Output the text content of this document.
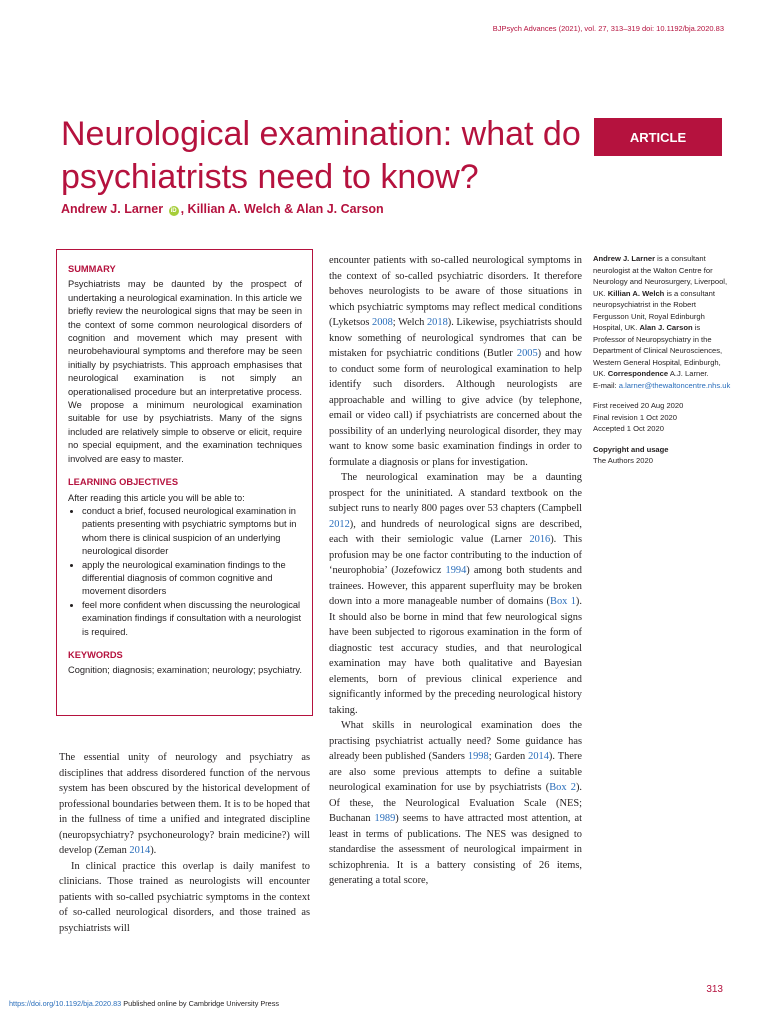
BJPsych Advances (2021), vol. 27, 313–319 doi: 10.1192/bja.2020.83
Neurological examination: what do psychiatrists need to know?
ARTICLE
Andrew J. Larner iD , Killian A. Welch & Alan J. Carson
SUMMARY

Psychiatrists may be daunted by the prospect of undertaking a neurological examination. In this article we briefly review the neurological signs that may be seen in the context of some common neurological disorders of cognition and movement which may present with neurobehavioural symptoms and therefore may be seen initially by psychiatrists. This approach emphasises that neurological examination is not simply an operationalised procedure but an interpretative process. We propose a minimum neurological examination suitable for use by psychiatrists. Many of the signs included are relatively simple to observe or elicit, require no special equipment, and the examination techniques involved are easy to master.

LEARNING OBJECTIVES

After reading this article you will be able to:

• conduct a brief, focused neurological examination in patients presenting with psychiatric symptoms but in whom there is clinical suspicion of an underlying neurological disorder
• apply the neurological examination findings to the differential diagnosis of common cognitive and movement disorders
• feel more confident when discussing the neurological examination findings if consultation with a neurologist is required.
KEYWORDS

Cognition; diagnosis; examination; neurology; psychiatry.

The essential unity of neurology and psychiatry as disciplines that address disordered function of the nervous system has been obscured by the historical development of professional boundaries between them. It is to be hoped that in the fullness of time a unified and integrated discipline (neuropsychiatry? psychoneurology? brain medicine?) will develop (Zeman 2014).

In clinical practice this overlap is daily manifest to clinicians. Those trained as neurologists will encounter patients with so-called psychiatric symptoms in the context of so-called neurological disorders, and those trained as psychiatrists will

encounter patients with so-called neurological symptoms in the context of so-called psychiatric disorders. It therefore behoves neurologists to be aware of those situations in which psychiatric symptoms may reflect medical conditions (Lyketsos 2008; Welch 2018). Likewise, psychiatrists should know something of neurological syndromes that can be mistaken for psychiatric conditions (Butler 2005) and how to conduct some form of neurological examination to help identify such disorders. Although neurologists are approachable and willing to give advice (by telephone, email or video call) if psychiatrists are concerned about the possibility of an underlying neurological disorder, they may want to know some basic examination findings in order to formulate a diagnosis or plans for investigation.

The neurological examination may be a daunting prospect for the uninitiated. A standard textbook on the subject runs to nearly 800 pages over 53 chapters (Campbell 2012), and hundreds of neurological signs are described, each with their semiologic value (Larner 2016). This profusion may be one factor contributing to the induction of ‘neurophobia’ (Jozefowicz 1994) among both students and trainees. However, this apparent superfluity may be broken down into a more manageable number of domains (Box 1). It should also be borne in mind that few neurological signs have been subjected to rigorous examination in the form of diagnostic test accuracy studies, and that neurological examination may have both qualitative and Bayesian elements, born of previous clinical experience and significantly informed by the preceding neurological history taking.

What skills in neurological examination does the practising psychiatrist actually need? Some guidance has already been published (Sanders 1998; Garden 2014). There are also some previous attempts to define a suitable neurological examination for use by psychiatrists (Box 2). Of these, the Neurological Evaluation Scale (NES; Buchanan 1989) seems to have attracted most attention, at least in terms of publications. The NES was designed to standardise the assessment of neurological impairment in schizophrenia. It is a battery consisting of 26 items, generating a total score,

Andrew J. Larner is a consultant neurologist at the Walton Centre for Neurology and Neurosurgery, Liverpool, UK. Killian A. Welch is a consultant neuropsychiatrist in the Robert Fergusson Unit, Royal Edinburgh Hospital, UK. Alan J. Carson is Professor of Neuropsychiatry in the Department of Clinical Neurosciences, Western General Hospital, Edinburgh, UK. Correspondence A.J. Larner.
E-mail: a.larner@thewaltoncentre.nhs.uk

First received 20 Aug 2020

Final revision 1 Oct 2020

Accepted 1 Oct 2020

Copyright and usage

The Authors 2020

313
https://doi.org/10.1192/bja.2020.83 Published online by Cambridge University Press
